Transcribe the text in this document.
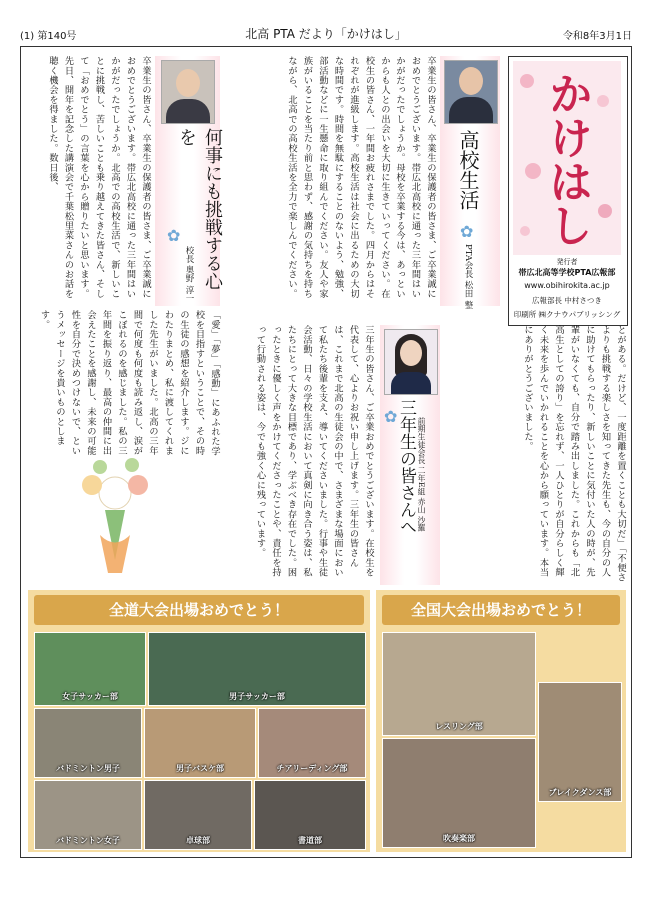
(1) 第140号	北高 PTA だより「かけはし」	令和8年3月1日
かけはし
発行者
帯広北高等学校PTA広報部
www.obihirokita.ac.jp
広報部長 中村さつき
印刷所 ㈱クナウパブリッシング
高校生活
✿
PTA会長 松田 整
卒業生の皆さん、卒業生の保護者の皆さま、ご卒業誠におめでとうございます。帯広北高校に通った三年間はいかがだったでしょうか。母校を卒業する今は、あっとい
からも人との出会いを大切に生きていってください。在校生の皆さん、一年間お疲れさまでした。四月からはそれぞれが進級します。高校生活は社会に出るための大切な時間です。時間を無駄にすることのないよう、勉強、部活動などに一生懸命に取り組んでください。友人や家族がいることを当たり前と思わず、感謝の気持ちを持ちながら、北高での高校生活を全力で楽しんでください。
何事にも挑戦する心を
✿
校長 奥野 淳一
卒業生の皆さん、卒業生の保護者の皆さま、ご卒業誠におめでとうございます。帯広北高校に通った三年間はいかがだったでしょうか。北高での高校生活で、新しいことに挑戦し、苦しいことも乗り越えてきた皆さん、そして「おめでとう」の言葉を心から贈りたいと思います。先日、開年を記念した講演会で千葉松里菜さんのお話を聴く機会を得ました。数日後、
「愛」「夢」「感動」にあふれた学校を目指すということで、その時の生徒の感想を紹介します。ジにわたりまとめ、私に渡してくれました先生がいました。北高の三年間で何度も何度も読み返し、涙がこぼれるのを感じました。私の三年間を振り返り、最高の仲間に出会えたことを感謝し、未来の可能性を自分で決めつけないで、というメッセージを貴いものとします。
三年生の皆さんへ
✿
前期生徒会長 二年E組 赤山 沙羅
三年生の皆さん、ご卒業おめでとうございます。在校生を代表して、心よりお祝い申し上げます。三年生の皆さんは、これまで北高の生徒会の中で、さまざまな場面において私たち後輩を支え、導いてくださいました。行事や生徒会活動、日々の学校生活において真剣に向き合う姿は、私たちにとって大きな目標であり、学ぶべき存在でした。困ったときに優しく声をかけてくださったことや、責任を持って行動される姿は、今でも強く心に残っています。	とがある。だけど、一度距離を置くことも大切だ」「不便さよりも挑戦する楽しさを知ってきた先生も、今の自分の人に助けてもらったり、新しいことに気付いた人の時が、先輩がいなくても、自分で踏み出しました。これからも「北高生としての誇り」を忘れず、一人ひとりが自分らしく輝く未来を歩んでいかれることを心から願っています。本当にありがとうございました。
全道大会出場おめでとう！	全国大会出場おめでとう！
女子サッカー部	男子サッカー部
バドミントン男子	男子バスケ部	チアリーディング部
バドミントン女子	卓球部	書道部
レスリング部
ブレイクダンス部
吹奏楽部
